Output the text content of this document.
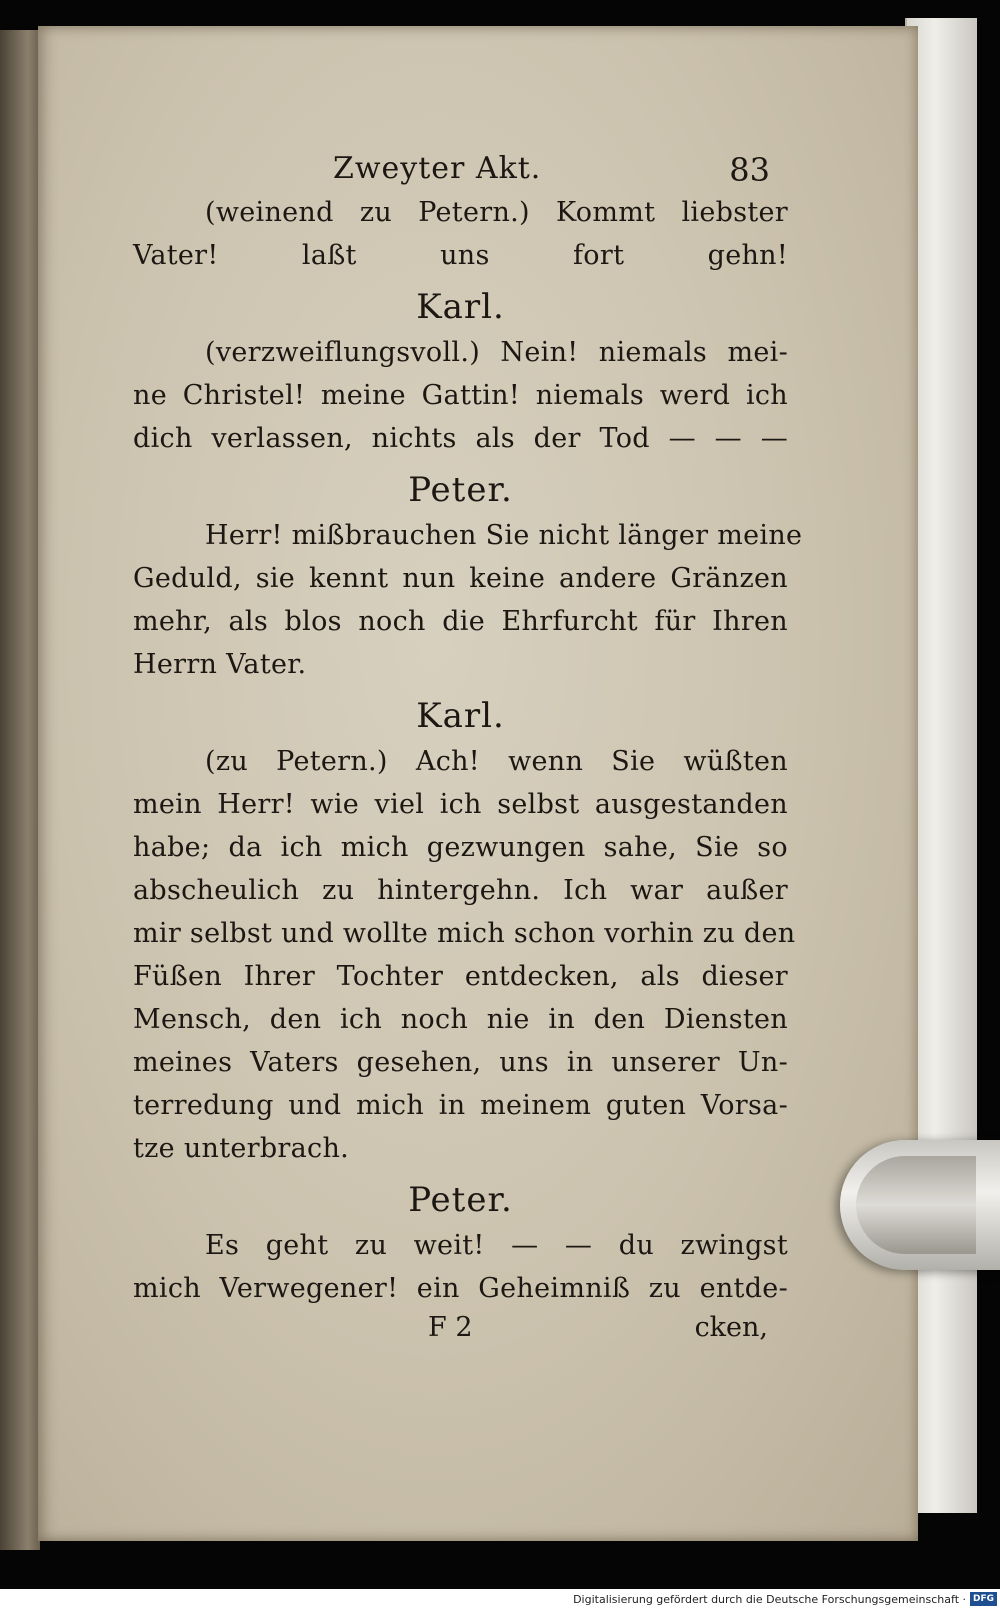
Zweyter Akt.	83
(weinend zu Petern.) Kommt liebster
Vater! laßt uns fort gehn!
Karl.
(verzweiflungsvoll.) Nein! niemals mei-
ne Christel! meine Gattin! niemals werd ich
dich verlassen, nichts als der Tod — — —
Peter.
Herr! mißbrauchen Sie nicht länger meine
Geduld, sie kennt nun keine andere Gränzen
mehr, als blos noch die Ehrfurcht für Ihren
Herrn Vater.
Karl.
(zu Petern.) Ach! wenn Sie wüßten
mein Herr! wie viel ich selbst ausgestanden
habe; da ich mich gezwungen sahe, Sie so
abscheulich zu hintergehn. Ich war außer
mir selbst und wollte mich schon vorhin zu den
Füßen Ihrer Tochter entdecken, als dieser
Mensch, den ich noch nie in den Diensten
meines Vaters gesehen, uns in unserer Un-
terredung und mich in meinem guten Vorsa-
tze unterbrach.
Peter.
Es geht zu weit! — — du zwingst
mich Verwegener! ein Geheimniß zu entde-
F 2	cken,
Digitalisierung gefördert durch die Deutsche Forschungsgemeinschaft · DFG
